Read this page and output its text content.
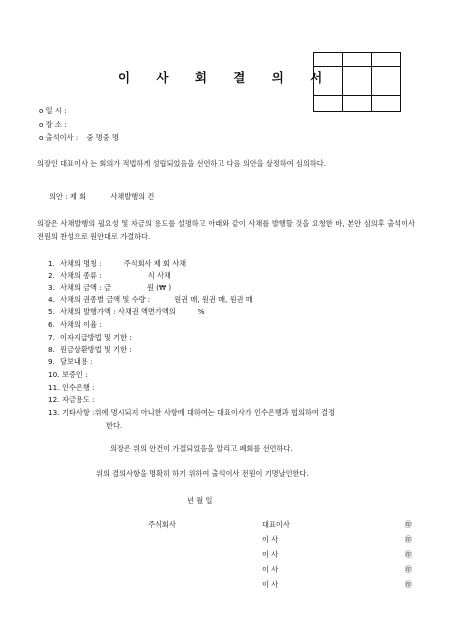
이 사 회 결 의 서

o 일 시 :
o 장 소 :
o 출석이사 : 중 명중 명
의장인 대표이사 는 회의가 적법하게 성립되었음을 선언하고 다음 의안을 상정하여 심의하다.
의안 : 제 회	사채발행의 건
의장은 사채발행의 필요성 및 자금의 용도를 설명하고 아래와 같이 사채를 발행할 것을 요청한 바, 본안 심의후 출석이사 전원의 찬성으로 원안대로 가결하다.
1. 사채의 명칭 :	주식회사 제 회 사채
2. 사채의 종류 :	식 사채
3. 사채의 금액 : 금	원 (₩ )
4. 사채의 권종별 금액 및 수량 :	원권 매, 원권 매, 원권 매
5. 사채의 발행가액 : 사채권 액면가액의	%
6. 사채의 이율 :
7. 이자지급방법 및 기한 :
8. 원금상환방법 및 기한 :
9. 담보내용 :
10. 보증인 :
11. 인수은행 :
12. 자금용도 :
13. 기타사항 :위에 명시되지 아니한 사항에 대하여는 대표이사가 인수은행과 협의하여 결정
한다.
의장은 위의 안건이 가결되었음을 알리고 폐회를 선언하다.
위의 결의사항을 명확히 하기 위하여 출석이사 전원이 기명날인한다.
년 월 일
주식회사	대표이사	㊞
이 사	㊞
이 사	㊞
이 사	㊞
이 사	㊞
